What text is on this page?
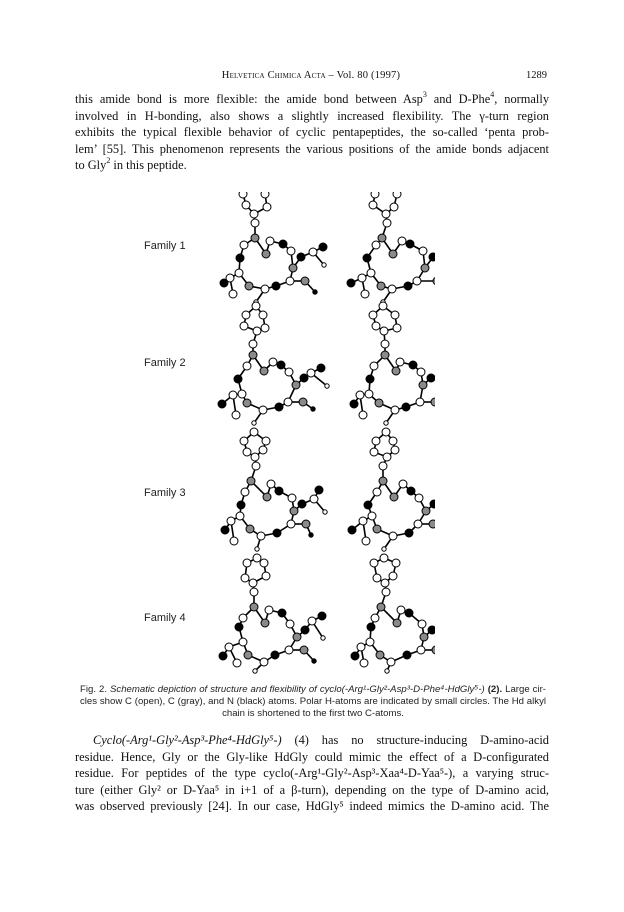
Helvetica Chimica Acta – Vol. 80 (1997)	1289
this amide bond is more flexible: the amide bond between Asp$^3$ and D-Phe$^4$, normally
involved in H-bonding, also shows a slightly increased flexibility. The γ-turn region
exhibits the typical flexible behavior of cyclic pentapeptides, the so-called ‘penta prob-
lem’ [55]. This phenomenon represents the various positions of the amide bonds adjacent
to Gly$^2$ in this peptide.
Family 1
Family 2
Family 3
Family 4
Fig. 2. Schematic depiction of structure and flexibility of cyclo(-Arg¹-Gly²-Asp³-D-Phe⁴-HdGly⁵-) (2). Large cir-
cles show C (open), C (gray), and N (black) atoms. Polar H-atoms are indicated by small circles. The Hd alkyl
chain is shortened to the first two C-atoms.
Cyclo(-Arg¹-Gly²-Asp³-Phe⁴-HdGly⁵-) (4) has no structure-inducing D-amino-acid
residue. Hence, Gly or the Gly-like HdGly could mimic the effect of a D-configurated
residue. For peptides of the type cyclo(-Arg¹-Gly²-Asp³-Xaa⁴-D-Yaa⁵-), a varying struc-
ture (either Gly² or D-Yaa⁵ in i+1 of a β-turn), depending on the type of D-amino acid,
was observed previously [24]. In our case, HdGly⁵ indeed mimics the D-amino acid. The
